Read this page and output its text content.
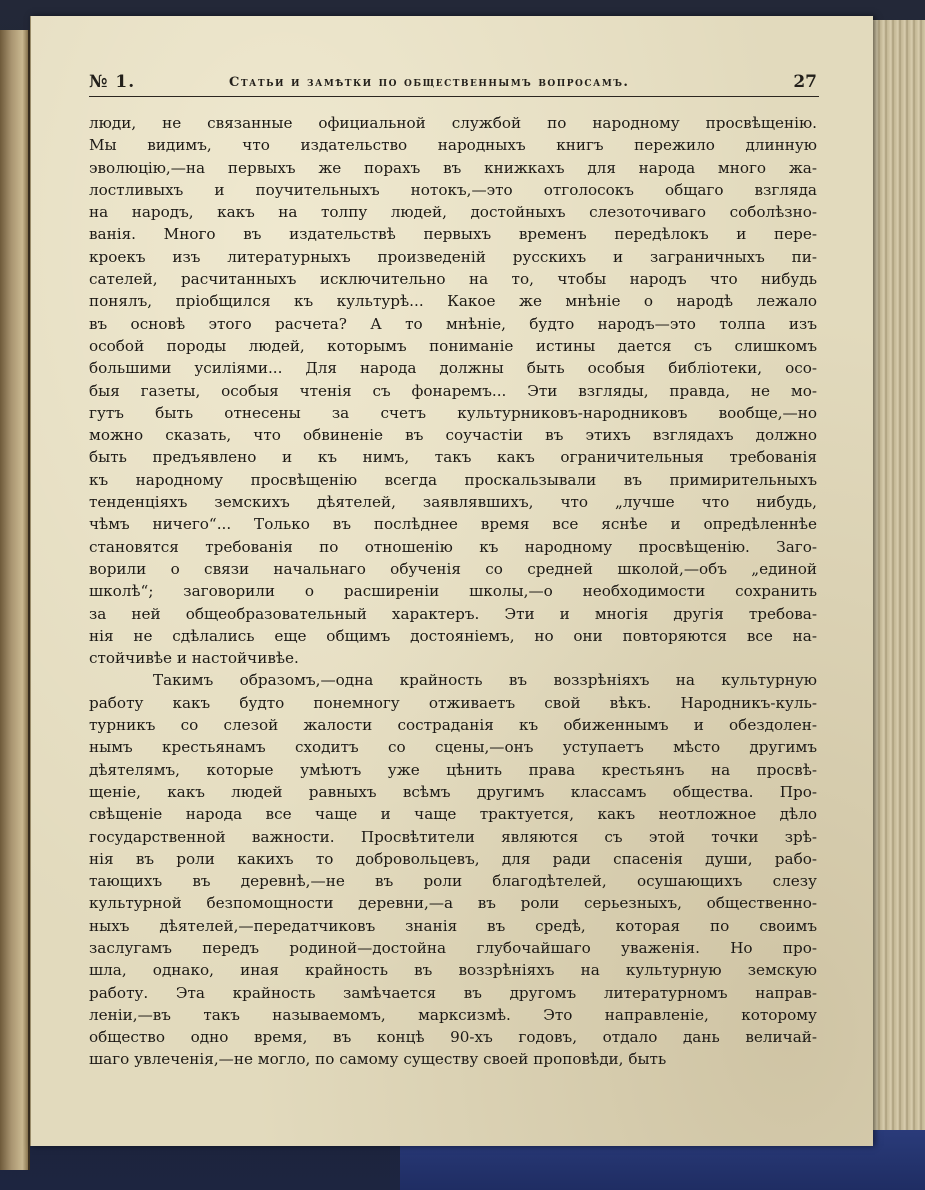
№ 1.	Статьи и замѣтки по общественнымъ вопросамъ.	27
люди, не связанные официальной службой по народному просвѣщенію.
Мы видимъ, что издательство народныхъ книгъ пережило длинную
эволюцію,—на первыхъ же порахъ въ книжкахъ для народа много жа-
лостливыхъ и поучительныхъ нотокъ,—это отголосокъ общаго взгляда
на народъ, какъ на толпу людей, достойныхъ слезоточиваго соболѣзно-
ванія. Много въ издательствѣ первыхъ временъ передѣлокъ и пере-
кроекъ изъ литературныхъ произведеній русскихъ и заграничныхъ пи-
сателей, расчитанныхъ исключительно на то, чтобы народъ что нибудь
понялъ, пріобщился къ культурѣ... Какое же мнѣніе о народѣ лежало
въ основѣ этого расчета? А то мнѣніе, будто народъ—это толпа изъ
особой породы людей, которымъ пониманіе истины дается съ слишкомъ
большими усиліями... Для народа должны быть особыя библіотеки, осо-
быя газеты, особыя чтенія съ фонаремъ... Эти взгляды, правда, не мо-
гутъ быть отнесены за счетъ культурниковъ-народниковъ вообще,—но
можно сказать, что обвиненіе въ соучастіи въ этихъ взглядахъ должно
быть предъявлено и къ нимъ, такъ какъ ограничительныя требованія
къ народному просвѣщенію всегда проскальзывали въ примирительныхъ
тенденціяхъ земскихъ дѣятелей, заявлявшихъ, что „лучше что нибудь,
чѣмъ ничего“... Только въ послѣднее время все яснѣе и опредѣленнѣе
становятся требованія по отношенію къ народному просвѣщенію. Заго-
ворили о связи начальнаго обученія со средней школой,—объ „единой
школѣ“; заговорили о расширеніи школы,—о необходимости сохранить
за ней общеобразовательный характеръ. Эти и многія другія требова-
нія не сдѣлались еще общимъ достояніемъ, но они повторяются все на-
стойчивѣе и настойчивѣе.
Такимъ образомъ,—одна крайность въ воззрѣніяхъ на культурную
работу какъ будто понемногу отживаетъ свой вѣкъ. Народникъ-куль-
турникъ со слезой жалости состраданія къ обиженнымъ и обездолен-
нымъ крестьянамъ сходитъ со сцены,—онъ уступаетъ мѣсто другимъ
дѣятелямъ, которые умѣютъ уже цѣнить права крестьянъ на просвѣ-
щеніе, какъ людей равныхъ всѣмъ другимъ классамъ общества. Про-
свѣщеніе народа все чаще и чаще трактуется, какъ неотложное дѣло
государственной важности. Просвѣтители являются съ этой точки зрѣ-
нія въ роли какихъ то добровольцевъ, для ради спасенія души, рабо-
тающихъ въ деревнѣ,—не въ роли благодѣтелей, осушающихъ слезу
культурной безпомощности деревни,—а въ роли серьезныхъ, общественно-
ныхъ дѣятелей,—передатчиковъ знанія въ средѣ, которая по своимъ
заслугамъ передъ родиной—достойна глубочайшаго уваженія. Но про-
шла, однако, иная крайность въ воззрѣніяхъ на культурную земскую
работу. Эта крайность замѣчается въ другомъ литературномъ направ-
леніи,—въ такъ называемомъ, марксизмѣ. Это направленіе, которому
общество одно время, въ концѣ 90-хъ годовъ, отдало дань величай-
шаго увлеченія,—не могло, по самому существу своей проповѣди, быть
